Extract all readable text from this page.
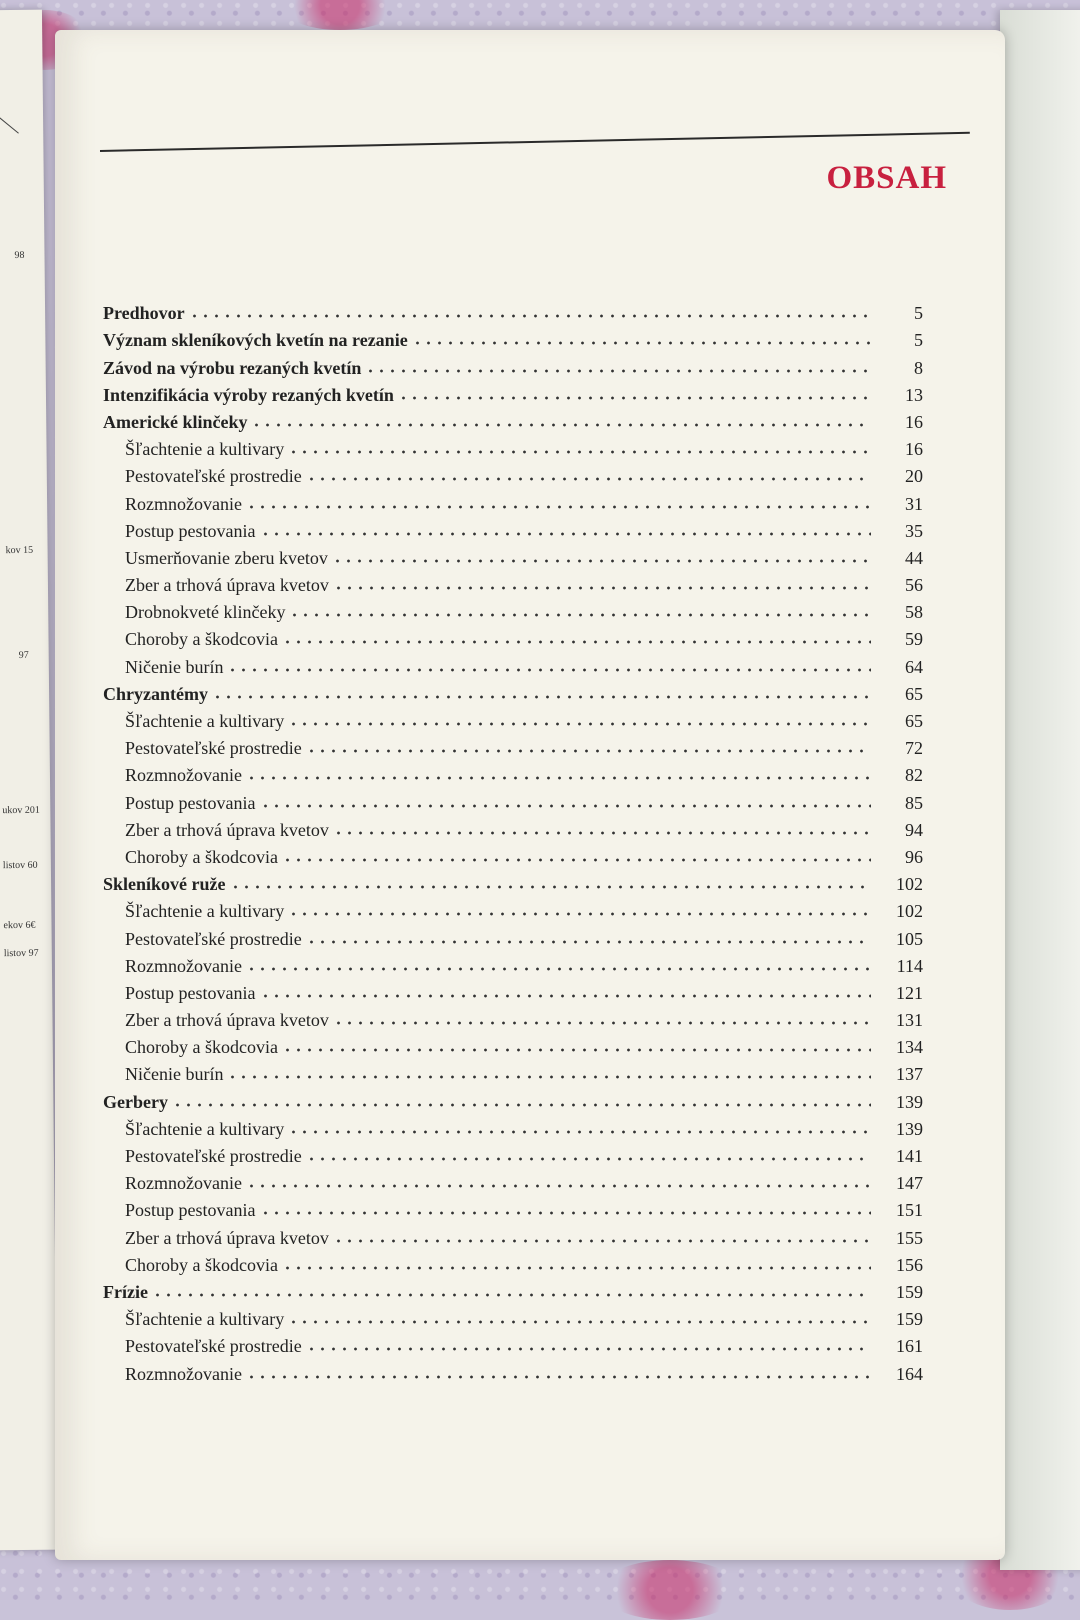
98
kov 15
97
ukov 201
listov 60
ekov 6€
listov 97
OBSAH
Predhovor	5
Význam skleníkových kvetín na rezanie	5
Závod na výrobu rezaných kvetín	8
Intenzifikácia výroby rezaných kvetín	13
Americké klinčeky	16
Šľachtenie a kultivary	16
Pestovateľské prostredie	20
Rozmnožovanie	31
Postup pestovania	35
Usmerňovanie zberu kvetov	44
Zber a trhová úprava kvetov	56
Drobnokveté klinčeky	58
Choroby a škodcovia	59
Ničenie burín	64
Chryzantémy	65
Šľachtenie a kultivary	65
Pestovateľské prostredie	72
Rozmnožovanie	82
Postup pestovania	85
Zber a trhová úprava kvetov	94
Choroby a škodcovia	96
Skleníkové ruže	102
Šľachtenie a kultivary	102
Pestovateľské prostredie	105
Rozmnožovanie	114
Postup pestovania	121
Zber a trhová úprava kvetov	131
Choroby a škodcovia	134
Ničenie burín	137
Gerbery	139
Šľachtenie a kultivary	139
Pestovateľské prostredie	141
Rozmnožovanie	147
Postup pestovania	151
Zber a trhová úprava kvetov	155
Choroby a škodcovia	156
Frízie	159
Šľachtenie a kultivary	159
Pestovateľské prostredie	161
Rozmnožovanie	164
